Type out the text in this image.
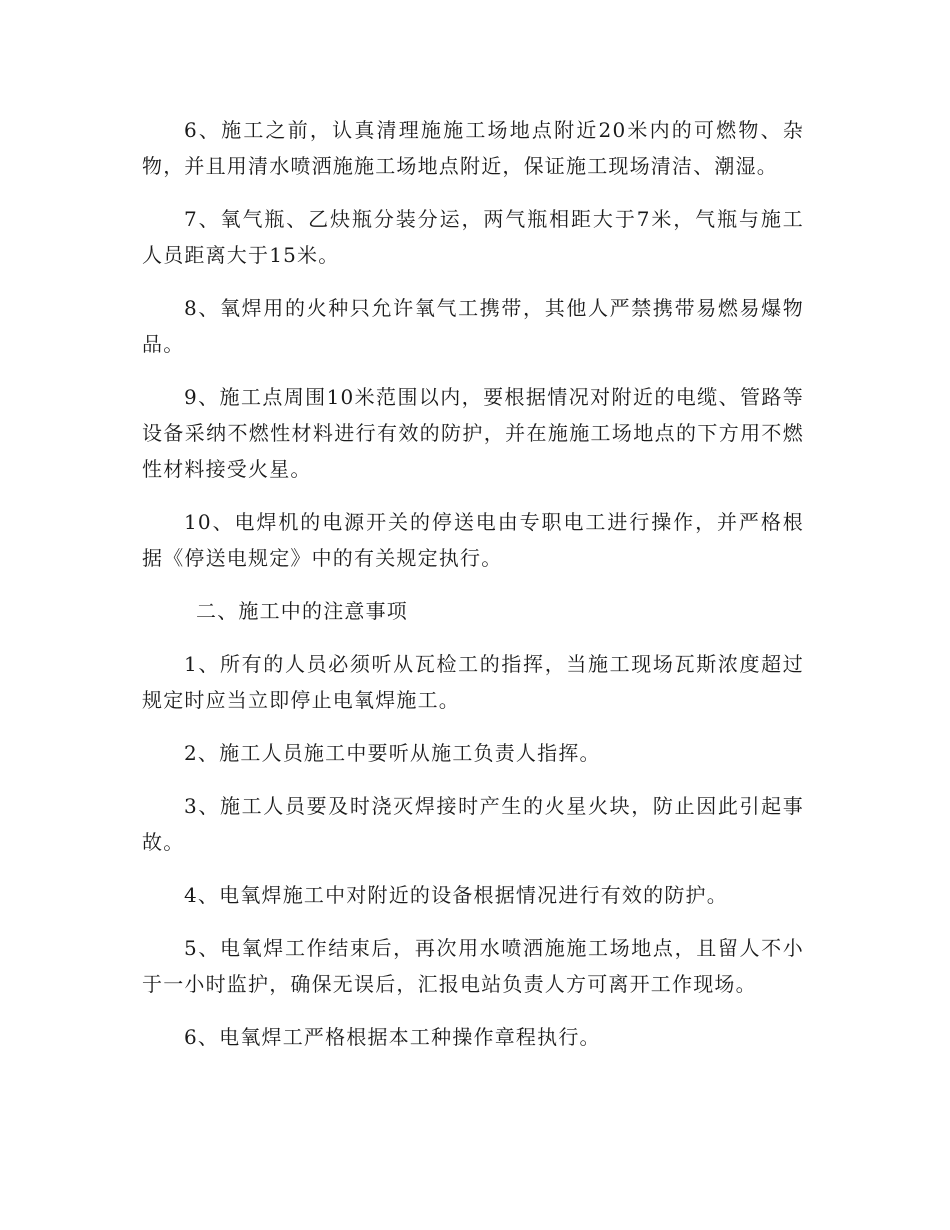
6、施工之前，认真清理施施工场地点附近20米内的可燃物、杂物，并且用清水喷洒施施工场地点附近，保证施工现场清洁、潮湿。

7、氧气瓶、乙炔瓶分装分运，两气瓶相距大于7米，气瓶与施工人员距离大于15米。

8、氧焊用的火种只允许氧气工携带，其他人严禁携带易燃易爆物品。

9、施工点周围10米范围以内，要根据情况对附近的电缆、管路等设备采纳不燃性材料进行有效的防护，并在施施工场地点的下方用不燃性材料接受火星。

10、电焊机的电源开关的停送电由专职电工进行操作，并严格根据《停送电规定》中的有关规定执行。

二、施工中的注意事项

1、所有的人员必须听从瓦检工的指挥，当施工现场瓦斯浓度超过规定时应当立即停止电氧焊施工。

2、施工人员施工中要听从施工负责人指挥。

3、施工人员要及时浇灭焊接时产生的火星火块，防止因此引起事故。

4、电氧焊施工中对附近的设备根据情况进行有效的防护。

5、电氧焊工作结束后，再次用水喷洒施施工场地点，且留人不小于一小时监护，确保无误后，汇报电站负责人方可离开工作现场。

6、电氧焊工严格根据本工种操作章程执行。
